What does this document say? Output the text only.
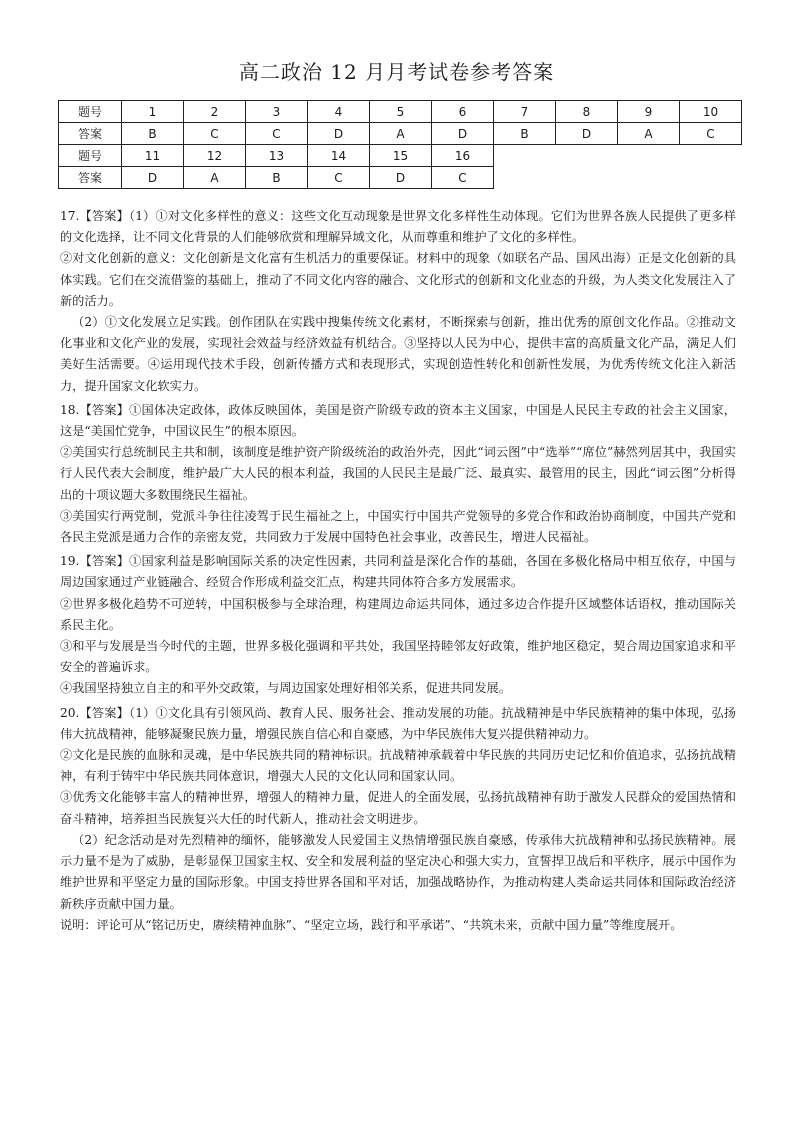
高二政治 12 月月考试卷参考答案
题号	1	2	3	4	5	6	7	8	9	10
答案	B	C	C	D	A	D	B	D	A	C
题号	11	12	13	14	15	16				
答案	D	A	B	C	D	C				

17.【答案】（1）①对文化多样性的意义：这些文化互动现象是世界文化多样性生动体现。它们为世界各族人民提供了更多样的文化选择，让不同文化背景的人们能够欣赏和理解异域文化，从而尊重和维护了文化的多样性。

②对文化创新的意义：文化创新是文化富有生机活力的重要保证。材料中的现象（如联名产品、国风出海）正是文化创新的具体实践。它们在交流借鉴的基础上，推动了不同文化内容的融合、文化形式的创新和文化业态的升级，为人类文化发展注入了新的活力。

（2）①文化发展立足实践。创作团队在实践中搜集传统文化素材，不断探索与创新，推出优秀的原创文化作品。②推动文化事业和文化产业的发展，实现社会效益与经济效益有机结合。③坚持以人民为中心，提供丰富的高质量文化产品，满足人们美好生活需要。④运用现代技术手段，创新传播方式和表现形式，实现创造性转化和创新性发展，为优秀传统文化注入新活力，提升国家文化软实力。

18.【答案】①国体决定政体，政体反映国体，美国是资产阶级专政的资本主义国家，中国是人民民主专政的社会主义国家，这是“美国忙党争，中国议民生”的根本原因。

②美国实行总统制民主共和制，该制度是维护资产阶级统治的政治外壳，因此“词云图”中“选举”“席位”赫然列居其中，我国实行人民代表大会制度，维护最广大人民的根本利益，我国的人民民主是最广泛、最真实、最管用的民主，因此“词云图”分析得出的十项议题大多数围绕民生福祉。

③美国实行两党制，党派斗争往往凌驾于民生福祉之上，中国实行中国共产党领导的多党合作和政治协商制度，中国共产党和各民主党派是通力合作的亲密友党，共同致力于发展中国特色社会事业，改善民生，增进人民福祉。

19.【答案】①国家利益是影响国际关系的决定性因素，共同利益是深化合作的基础，各国在多极化格局中相互依存，中国与周边国家通过产业链融合、经贸合作形成利益交汇点，构建共同体符合多方发展需求。

②世界多极化趋势不可逆转，中国积极参与全球治理，构建周边命运共同体，通过多边合作提升区域整体话语权，推动国际关系民主化。

③和平与发展是当今时代的主题，世界多极化强调和平共处，我国坚持睦邻友好政策，维护地区稳定，契合周边国家追求和平安全的普遍诉求。

④我国坚持独立自主的和平外交政策，与周边国家处理好相邻关系，促进共同发展。

20.【答案】（1）①文化具有引领风尚、教育人民、服务社会、推动发展的功能。抗战精神是中华民族精神的集中体现，弘扬伟大抗战精神，能够凝聚民族力量，增强民族自信心和自豪感，为中华民族伟大复兴提供精神动力。

②文化是民族的血脉和灵魂，是中华民族共同的精神标识。抗战精神承载着中华民族的共同历史记忆和价值追求，弘扬抗战精神，有利于铸牢中华民族共同体意识，增强大人民的文化认同和国家认同。

③优秀文化能够丰富人的精神世界，增强人的精神力量，促进人的全面发展，弘扬抗战精神有助于激发人民群众的爱国热情和奋斗精神，培养担当民族复兴大任的时代新人，推动社会文明进步。

（2）纪念活动是对先烈精神的缅怀，能够激发人民爱国主义热情增强民族自豪感，传承伟大抗战精神和弘扬民族精神。展示力量不是为了威胁，是彰显保卫国家主权、安全和发展利益的坚定决心和强大实力，宣誓捍卫战后和平秩序，展示中国作为维护世界和平坚定力量的国际形象。中国支持世界各国和平对话，加强战略协作，为推动构建人类命运共同体和国际政治经济新秩序贡献中国力量。

说明：评论可从“铭记历史，赓续精神血脉”、“坚定立场，践行和平承诺”、“共筑未来，贡献中国力量”等维度展开。
